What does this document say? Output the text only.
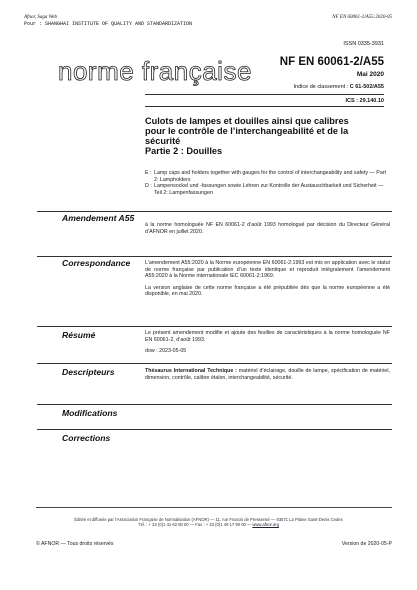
Afnor, Saga Web
Pour : SHANGHAI INSTITUTE OF QUALITY AND STANDARDIZATION
NF EN 60061-2/A55:2020-05
ISSN 0335-3931
norme française NF EN 60061-2/A55
Mai 2020
Indice de classement : C 61-502/A55
ICS : 29.140.10
Culots de lampes et douilles ainsi que calibres
pour le contrôle de l’interchangeabilité et de la
sécurité
Partie 2 : Douilles
E : Lamp caps and holders together with gauges for the control of interchangeability and safety — Part 2: Lampholders
D : Lampensockel und -fassungen sowie Lehren zur Kontrolle der Austauschbarkeit und Sicherheit — Teil 2: Lampenfassungen
Amendement A55

à la norme homologuée NF EN 60061-2 d’août 1993 homologué par décision du Directeur Général d’AFNOR en juillet 2020.

Correspondance	L’amendement A55:2020 à la Norme européenne EN 60061-2:1993 est mis en application avec le statut de norme française par publication d’un texte identique et reproduit intégralement l’amendement A55:2020 à la Norme internationale IEC 60061-2:1969.

La version anglaise de cette norme française a été prépubliée dès que la norme européenne a été disponible, en mai 2020.

Résumé	Le présent amendement modifie et ajoute des feuilles de caractéristiques à la norme homologuée NF EN 60061-2, d’août 1993.

dow : 2023-05-05

Descripteurs	Thésaurus International Technique : matériel d’éclairage, douille de lampe, spécification de matériel, dimension, contrôle, calibre étalon, interchangeabilité, sécurité.

Modifications
Corrections
Éditée et diffusée par l’Association Française de Normalisation (AFNOR) — 11, rue Francis de Pressensé — 93571 La Plaine Saint-Denis Cedex
Tél. : + 33 (0)1 41 62 80 00 — Fax : + 33 (0)1 49 17 90 00 — www.afnor.org
© AFNOR — Tous droits réservés	Version de 2020-05-P
